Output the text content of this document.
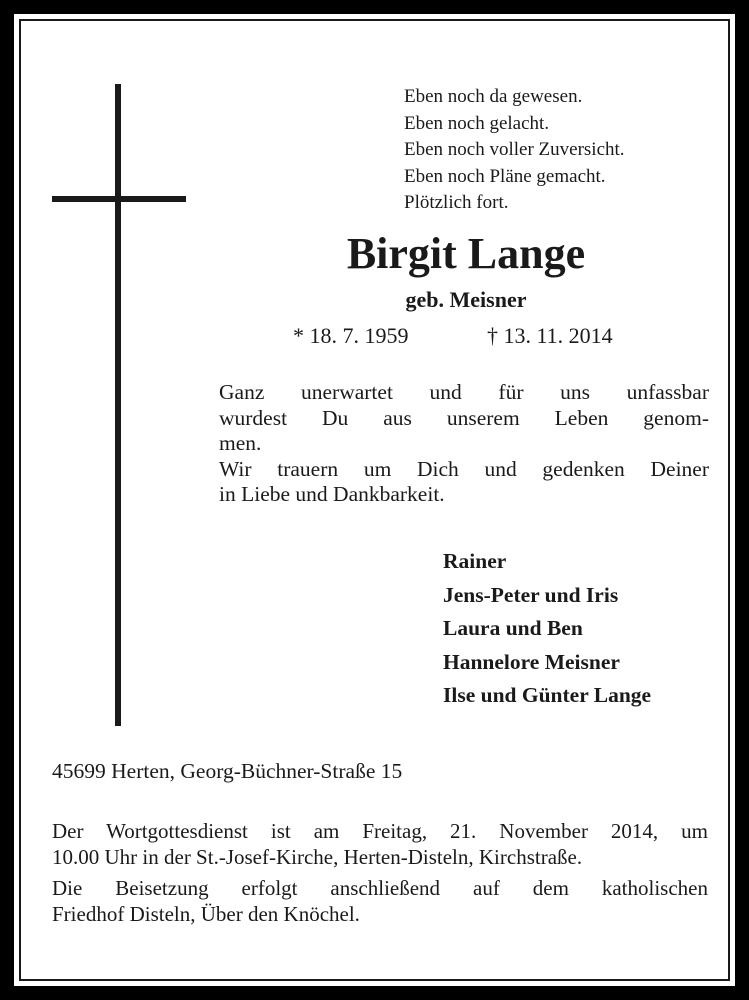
Eben noch da gewesen.
Eben noch gelacht.
Eben noch voller Zuversicht.
Eben noch Pläne gemacht.
Plötzlich fort.
Birgit Lange
geb. Meisner
* 18. 7. 1959	† 13. 11. 2014
Ganz unerwartet und für uns unfassbar
wurdest Du aus unserem Leben genom-
men.
Wir trauern um Dich und gedenken Deiner
in Liebe und Dankbarkeit.
Rainer
Jens-Peter und Iris
Laura und Ben
Hannelore Meisner
Ilse und Günter Lange
45699 Herten, Georg-Büchner-Straße 15
Der Wortgottesdienst ist am Freitag, 21. November 2014, um
10.00 Uhr in der St.-Josef-Kirche, Herten-Disteln, Kirchstraße.
Die Beisetzung erfolgt anschließend auf dem katholischen
Friedhof Disteln, Über den Knöchel.
